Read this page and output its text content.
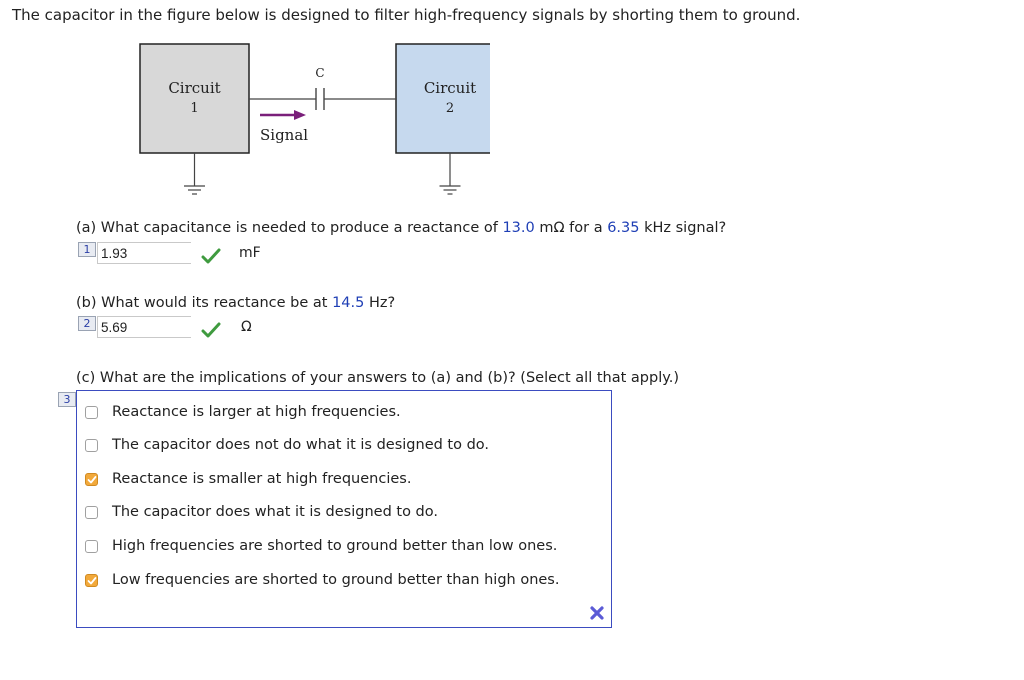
The capacitor in the figure below is designed to filter high-frequency signals by shorting them to ground.
Circuit
1
Circuit
2
C
Signal
(a) What capacitance is needed to produce a reactance of 13.0 mΩ for a 6.35 kHz signal?
1 1.93	mF
(b) What would its reactance be at 14.5 Hz?
2 5.69	Ω
(c) What are the implications of your answers to (a) and (b)? (Select all that apply.)
3
Reactance is larger at high frequencies.
The capacitor does not do what it is designed to do.
Reactance is smaller at high frequencies.
The capacitor does what it is designed to do.
High frequencies are shorted to ground better than low ones.
Low frequencies are shorted to ground better than high ones.
